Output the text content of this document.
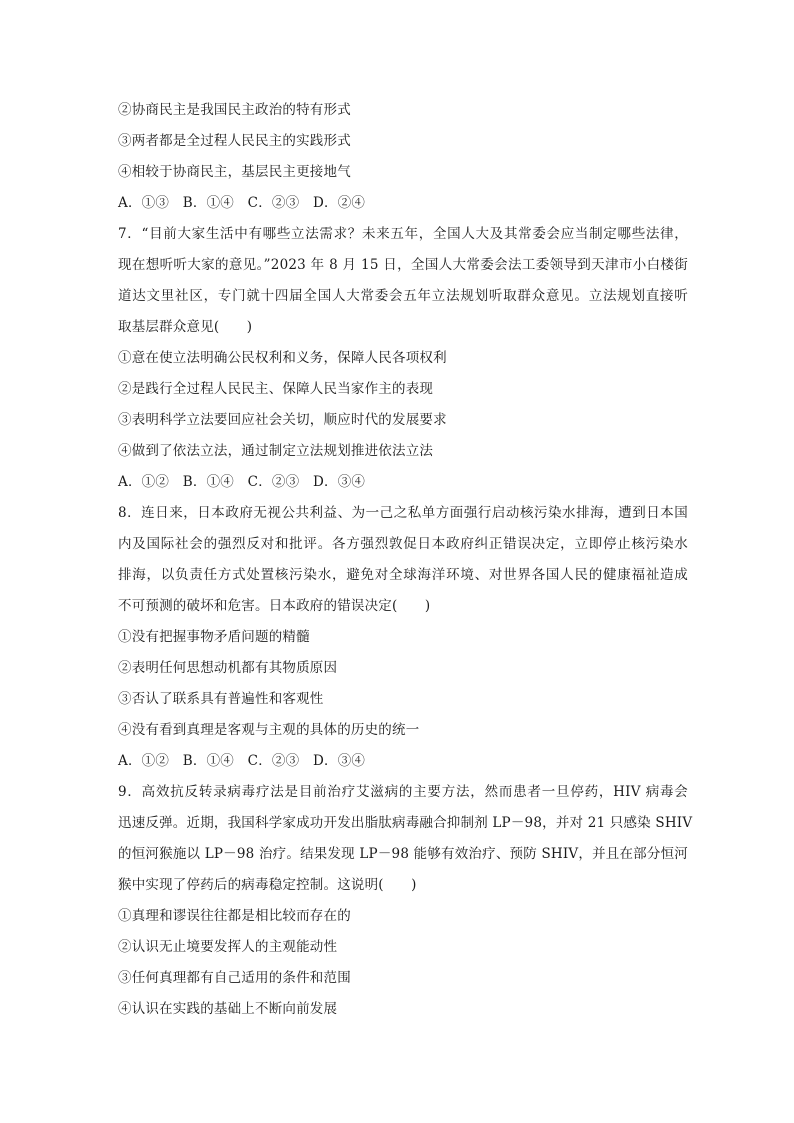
②协商民主是我国民主政治的特有形式
③两者都是全过程人民民主的实践形式
④相较于协商民主，基层民主更接地气
A．①③　B．①④　C．②③　D．②④
7．“目前大家生活中有哪些立法需求？未来五年，全国人大及其常委会应当制定哪些法律，
现在想听听大家的意见。”2023 年 8 月 15 日，全国人大常委会法工委领导到天津市小白楼街
道达文里社区，专门就十四届全国人大常委会五年立法规划听取群众意见。立法规划直接听
取基层群众意见(　　)
①意在使立法明确公民权利和义务，保障人民各项权利
②是践行全过程人民民主、保障人民当家作主的表现
③表明科学立法要回应社会关切，顺应时代的发展要求
④做到了依法立法，通过制定立法规划推进依法立法
A．①②　B．①④　C．②③　D．③④
8．连日来，日本政府无视公共利益、为一己之私单方面强行启动核污染水排海，遭到日本国
内及国际社会的强烈反对和批评。各方强烈敦促日本政府纠正错误决定，立即停止核污染水
排海，以负责任方式处置核污染水，避免对全球海洋环境、对世界各国人民的健康福祉造成
不可预测的破坏和危害。日本政府的错误决定(　　)
①没有把握事物矛盾问题的精髓
②表明任何思想动机都有其物质原因
③否认了联系具有普遍性和客观性
④没有看到真理是客观与主观的具体的历史的统一
A．①②　B．①④　C．②③　D．③④
9．高效抗反转录病毒疗法是目前治疗艾滋病的主要方法，然而患者一旦停药，HIV 病毒会
迅速反弹。近期，我国科学家成功开发出脂肽病毒融合抑制剂 LP－98，并对 21 只感染 SHIV
的恒河猴施以 LP－98 治疗。结果发现 LP－98 能够有效治疗、预防 SHIV，并且在部分恒河
猴中实现了停药后的病毒稳定控制。这说明(　　)
①真理和谬误往往都是相比较而存在的
②认识无止境要发挥人的主观能动性
③任何真理都有自己适用的条件和范围
④认识在实践的基础上不断向前发展
